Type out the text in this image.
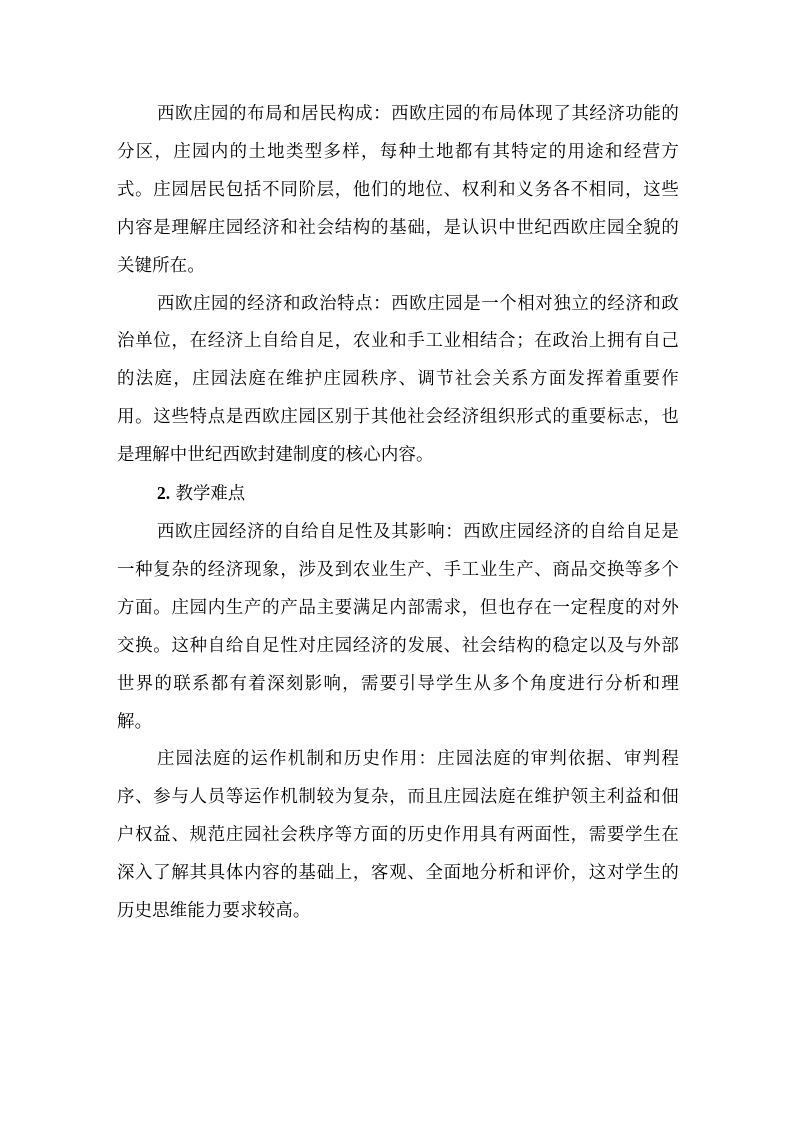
西欧庄园的布局和居民构成：西欧庄园的布局体现了其经济功能的分区，庄园内的土地类型多样，每种土地都有其特定的用途和经营方式。庄园居民包括不同阶层，他们的地位、权利和义务各不相同，这些内容是理解庄园经济和社会结构的基础，是认识中世纪西欧庄园全貌的关键所在。

西欧庄园的经济和政治特点：西欧庄园是一个相对独立的经济和政治单位，在经济上自给自足，农业和手工业相结合；在政治上拥有自己的法庭，庄园法庭在维护庄园秩序、调节社会关系方面发挥着重要作用。这些特点是西欧庄园区别于其他社会经济组织形式的重要标志，也是理解中世纪西欧封建制度的核心内容。

2. 教学难点

西欧庄园经济的自给自足性及其影响：西欧庄园经济的自给自足是一种复杂的经济现象，涉及到农业生产、手工业生产、商品交换等多个方面。庄园内生产的产品主要满足内部需求，但也存在一定程度的对外交换。这种自给自足性对庄园经济的发展、社会结构的稳定以及与外部世界的联系都有着深刻影响，需要引导学生从多个角度进行分析和理解。

庄园法庭的运作机制和历史作用：庄园法庭的审判依据、审判程序、参与人员等运作机制较为复杂，而且庄园法庭在维护领主利益和佃户权益、规范庄园社会秩序等方面的历史作用具有两面性，需要学生在深入了解其具体内容的基础上，客观、全面地分析和评价，这对学生的历史思维能力要求较高。
